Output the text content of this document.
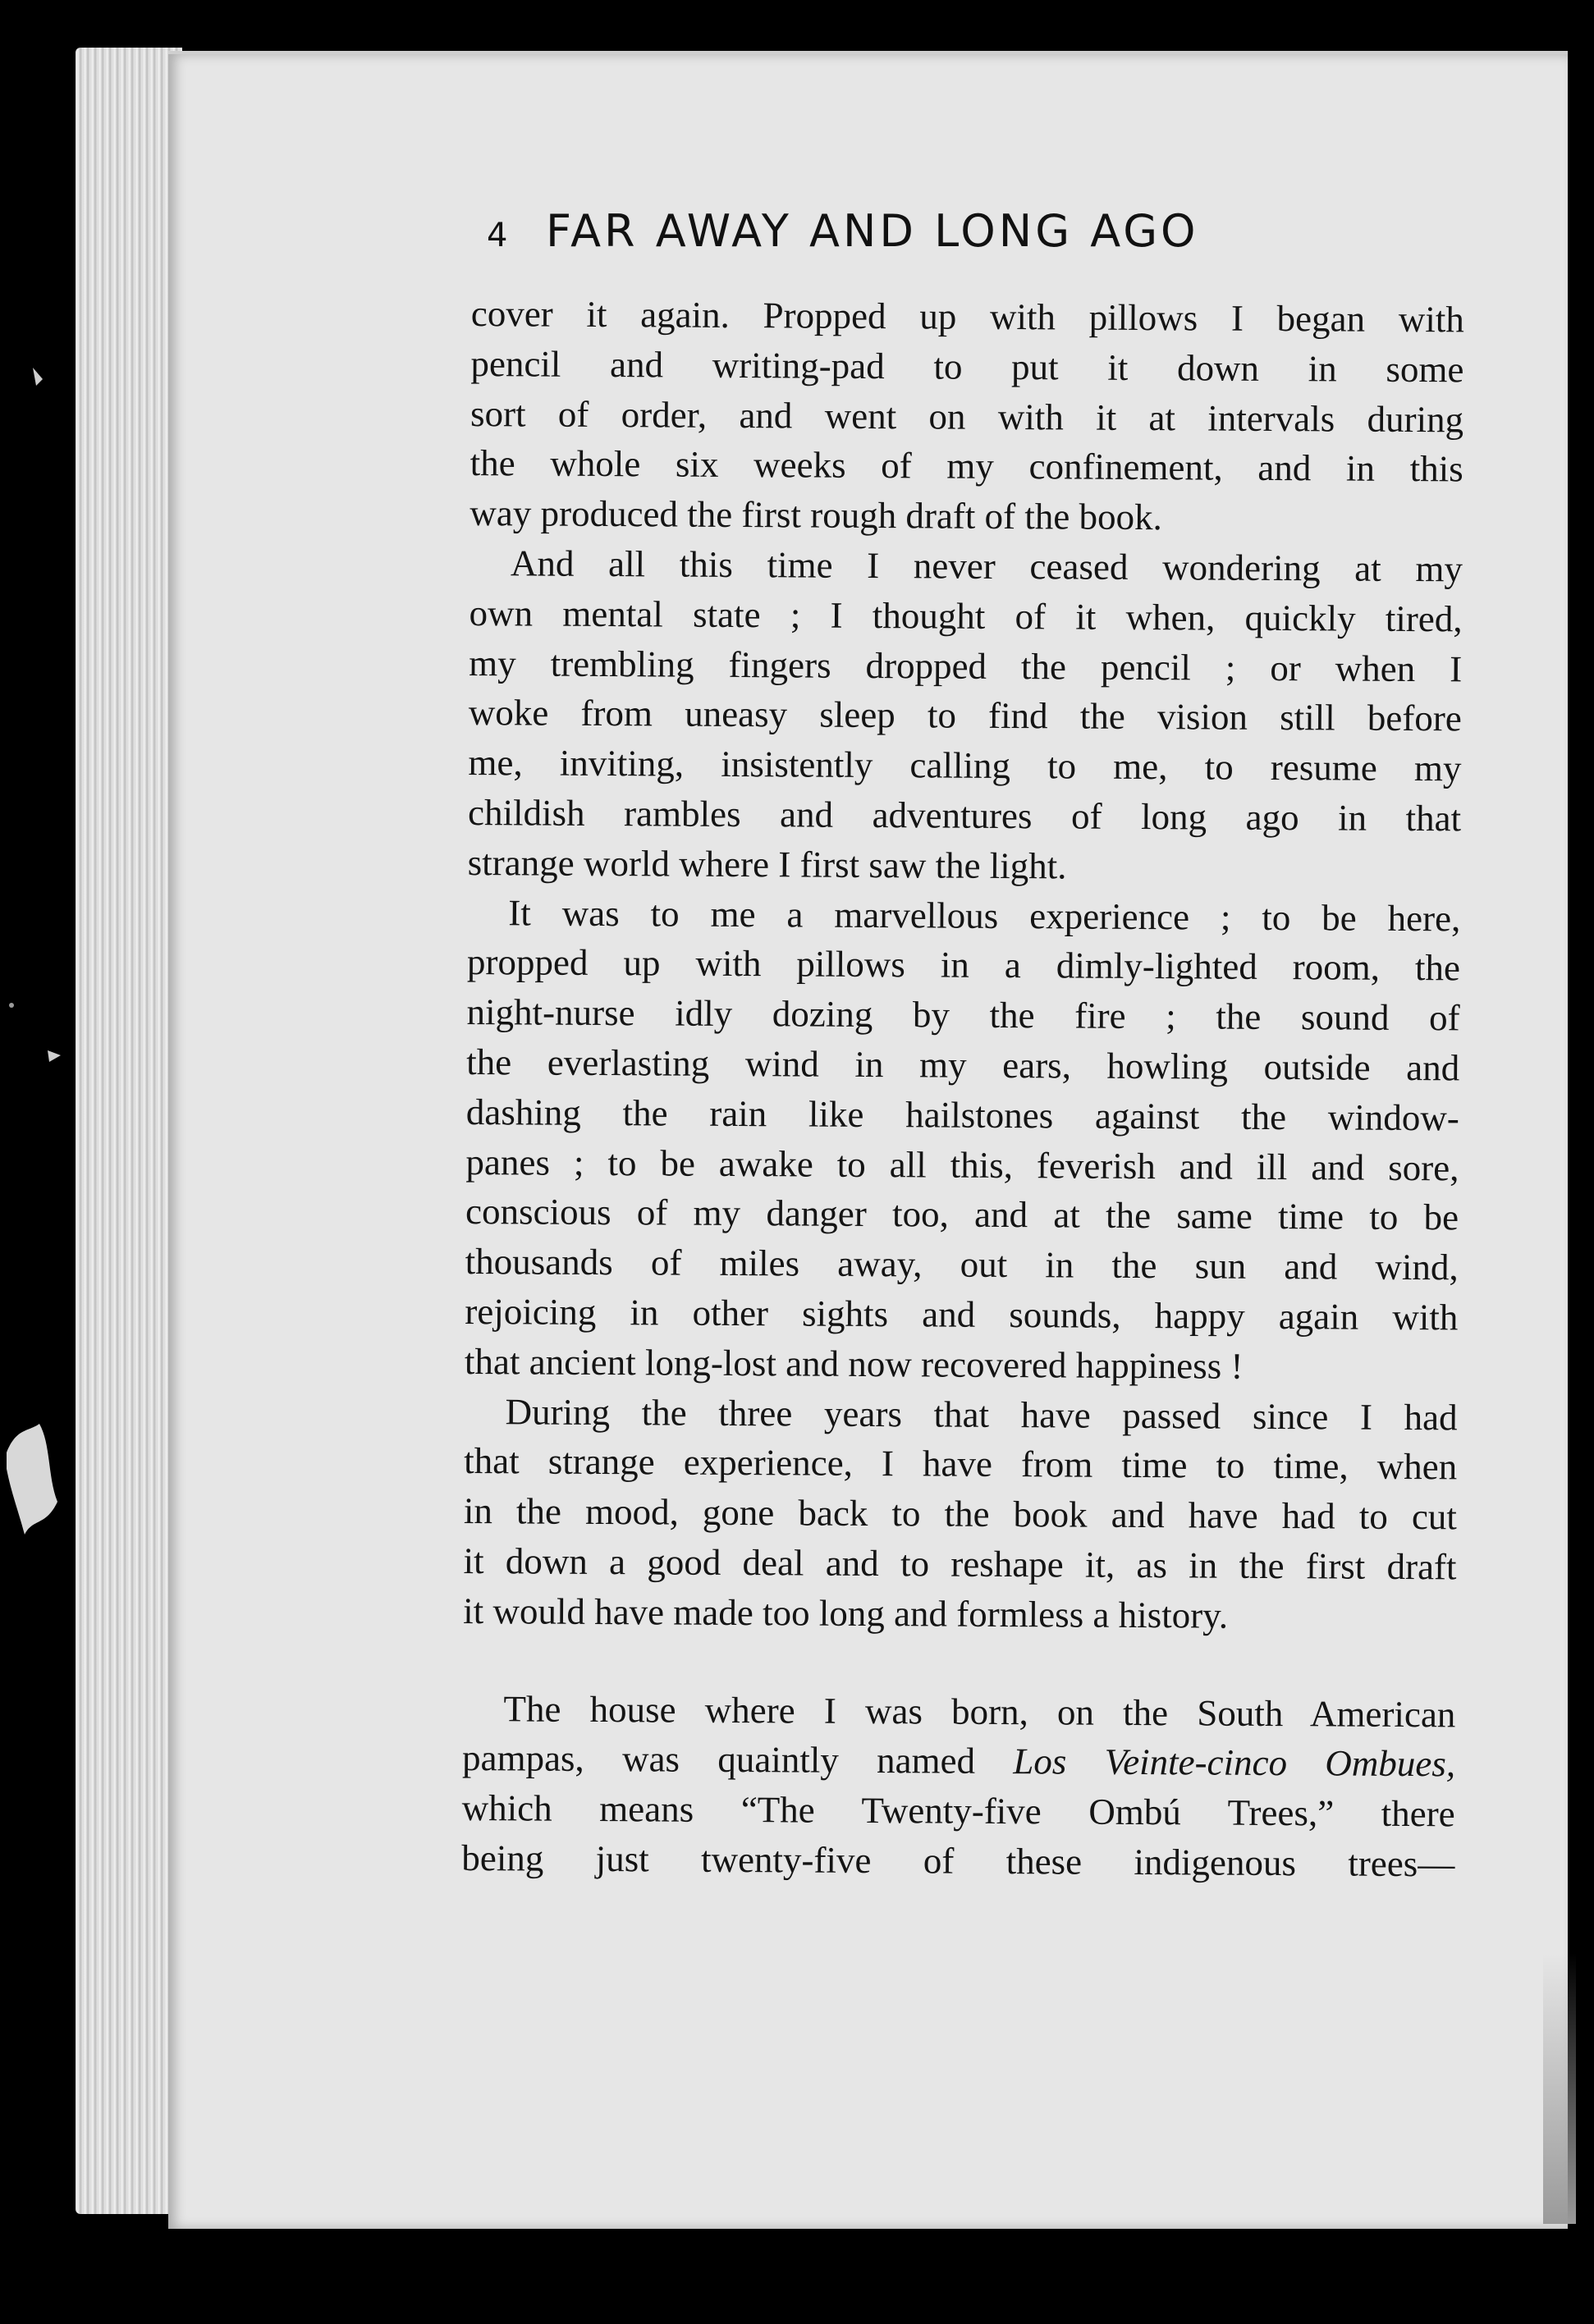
4 FAR AWAY AND LONG AGO

cover it again. Propped up with pillows I began with
pencil and writing-pad to put it down in some
sort of order, and went on with it at intervals during
the whole six weeks of my confinement, and in this
way produced the first rough draft of the book.

And all this time I never ceased wondering at my
own mental state ; I thought of it when, quickly tired,
my trembling fingers dropped the pencil ; or when I
woke from uneasy sleep to find the vision still before
me, inviting, insistently calling to me, to resume my
childish rambles and adventures of long ago in that
strange world where I first saw the light.

It was to me a marvellous experience ; to be here,
propped up with pillows in a dimly-lighted room, the
night-nurse idly dozing by the fire ; the sound of
the everlasting wind in my ears, howling outside and
dashing the rain like hailstones against the window-
panes ; to be awake to all this, feverish and ill and sore,
conscious of my danger too, and at the same time to be
thousands of miles away, out in the sun and wind,
rejoicing in other sights and sounds, happy again with
that ancient long-lost and now recovered happiness !

During the three years that have passed since I had
that strange experience, I have from time to time, when
in the mood, gone back to the book and have had to cut
it down a good deal and to reshape it, as in the first draft
it would have made too long and formless a history.

The house where I was born, on the South American
pampas, was quaintly named Los Veinte-cinco Ombues,
which means “The Twenty-five Ombú Trees,” there
being just twenty-five of these indigenous trees—
